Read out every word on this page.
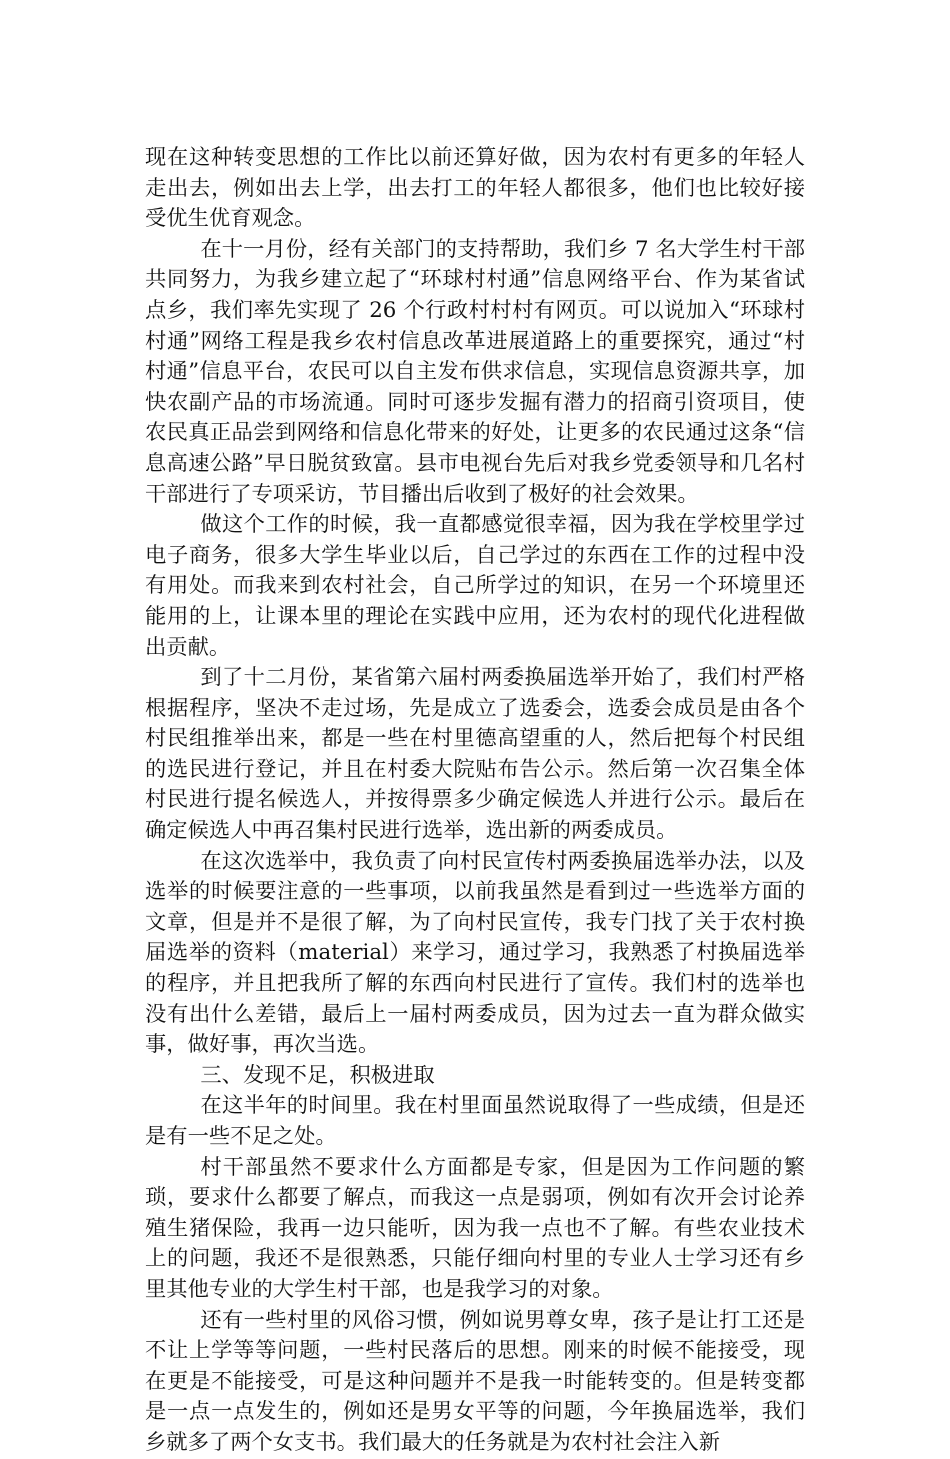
现在这种转变思想的工作比以前还算好做，因为农村有更多的年轻人走出去，例如出去上学，出去打工的年轻人都很多，他们也比较好接受优生优育观念。

在十一月份，经有关部门的支持帮助，我们乡 7 名大学生村干部共同努力，为我乡建立起了“环球村村通”信息网络平台、作为某省试点乡，我们率先实现了 26 个行政村村村有网页。可以说加入“环球村村通”网络工程是我乡农村信息改革进展道路上的重要探究，通过“村村通”信息平台，农民可以自主发布供求信息，实现信息资源共享，加快农副产品的市场流通。同时可逐步发掘有潜力的招商引资项目，使农民真正品尝到网络和信息化带来的好处，让更多的农民通过这条“信息高速公路”早日脱贫致富。县市电视台先后对我乡党委领导和几名村干部进行了专项采访，节目播出后收到了极好的社会效果。

做这个工作的时候，我一直都感觉很幸福，因为我在学校里学过电子商务，很多大学生毕业以后，自己学过的东西在工作的过程中没有用处。而我来到农村社会，自己所学过的知识，在另一个环境里还能用的上，让课本里的理论在实践中应用，还为农村的现代化进程做出贡献。

到了十二月份，某省第六届村两委换届选举开始了，我们村严格根据程序，坚决不走过场，先是成立了选委会，选委会成员是由各个村民组推举出来，都是一些在村里德高望重的人，然后把每个村民组的选民进行登记，并且在村委大院贴布告公示。然后第一次召集全体村民进行提名候选人，并按得票多少确定候选人并进行公示。最后在确定候选人中再召集村民进行选举，选出新的两委成员。

在这次选举中，我负责了向村民宣传村两委换届选举办法，以及选举的时候要注意的一些事项，以前我虽然是看到过一些选举方面的文章，但是并不是很了解，为了向村民宣传，我专门找了关于农村换届选举的资料（material）来学习，通过学习，我熟悉了村换届选举的程序，并且把我所了解的东西向村民进行了宣传。我们村的选举也没有出什么差错，最后上一届村两委成员，因为过去一直为群众做实事，做好事，再次当选。

三、发现不足，积极进取

在这半年的时间里。我在村里面虽然说取得了一些成绩，但是还是有一些不足之处。

村干部虽然不要求什么方面都是专家，但是因为工作问题的繁琐，要求什么都要了解点，而我这一点是弱项，例如有次开会讨论养殖生猪保险，我再一边只能听，因为我一点也不了解。有些农业技术上的问题，我还不是很熟悉，只能仔细向村里的专业人士学习还有乡里其他专业的大学生村干部，也是我学习的对象。

还有一些村里的风俗习惯，例如说男尊女卑，孩子是让打工还是不让上学等等问题，一些村民落后的思想。刚来的时候不能接受，现在更是不能接受，可是这种问题并不是我一时能转变的。但是转变都是一点一点发生的，例如还是男女平等的问题，今年换届选举，我们乡就多了两个女支书。我们最大的任务就是为农村社会注入新
